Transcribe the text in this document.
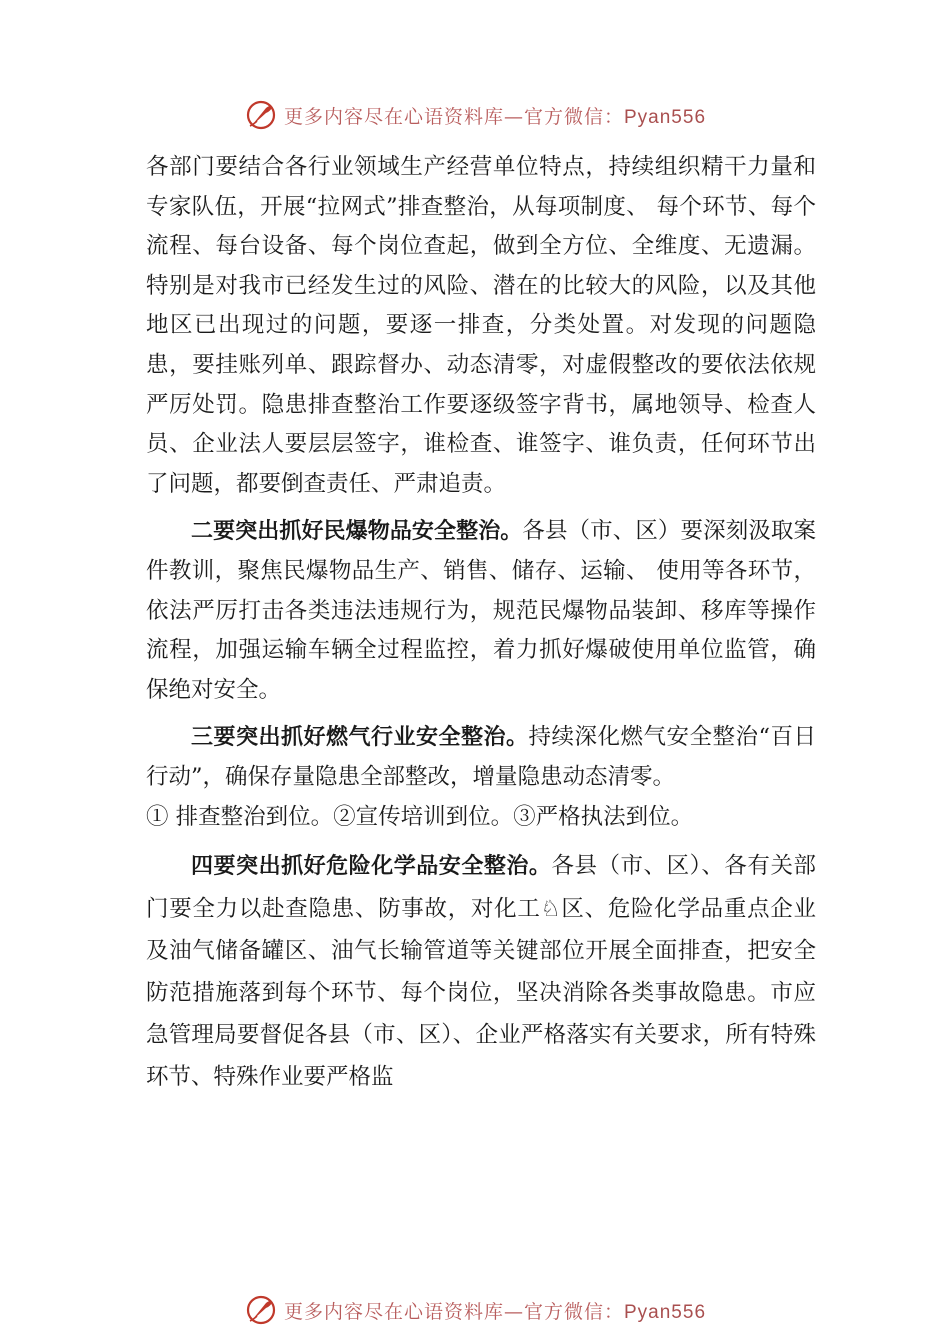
更多内容尽在心语资料库—官方微信：Pyan556

各部门要结合各行业领域生产经营单位特点，持续组织精干力量和专家队伍，开展“拉网式”排查整治，从每项制度、 每个环节、每个流程、每台设备、每个岗位查起，做到全方位、全维度、无遗漏。特别是对我市已经发生过的风险、潜在的比较大的风险，以及其他地区已出现过的问题，要逐一排查，分类处置。对发现的问题隐患，要挂账列单、跟踪督办、动态清零，对虚假整改的要依法依规严厉处罚。隐患排查整治工作要逐级签字背书，属地领导、检查人员、企业法人要层层签字，谁检查、谁签字、谁负责，任何环节出了问题，都要倒查责任、严肃追责。

二要突出抓好民爆物品安全整治。各县（市、区）要深刻汲取案件教训，聚焦民爆物品生产、销售、储存、运输、 使用等各环节，依法严厉打击各类违法违规行为，规范民爆物品装卸、移库等操作流程，加强运输车辆全过程监控，着力抓好爆破使用单位监管，确保绝对安全。

三要突出抓好燃气行业安全整治。持续深化燃气安全整治“百日行动”，确保存量隐患全部整改，增量隐患动态清零。

① 排查整治到位。②宣传培训到位。③严格执法到位。

四要突出抓好危险化学品安全整治。各县（市、区）、各有关部门要全力以赴查隐患、防事故，对化工♘区、危险化学品重点企业及油气储备罐区、油气长输管道等关键部位开展全面排查，把安全防范措施落到每个环节、每个岗位，坚决消除各类事故隐患。市应急管理局要督促各县（市、区）、企业严格落实有关要求，所有特殊环节、特殊作业要严格监

更多内容尽在心语资料库—官方微信：Pyan556
